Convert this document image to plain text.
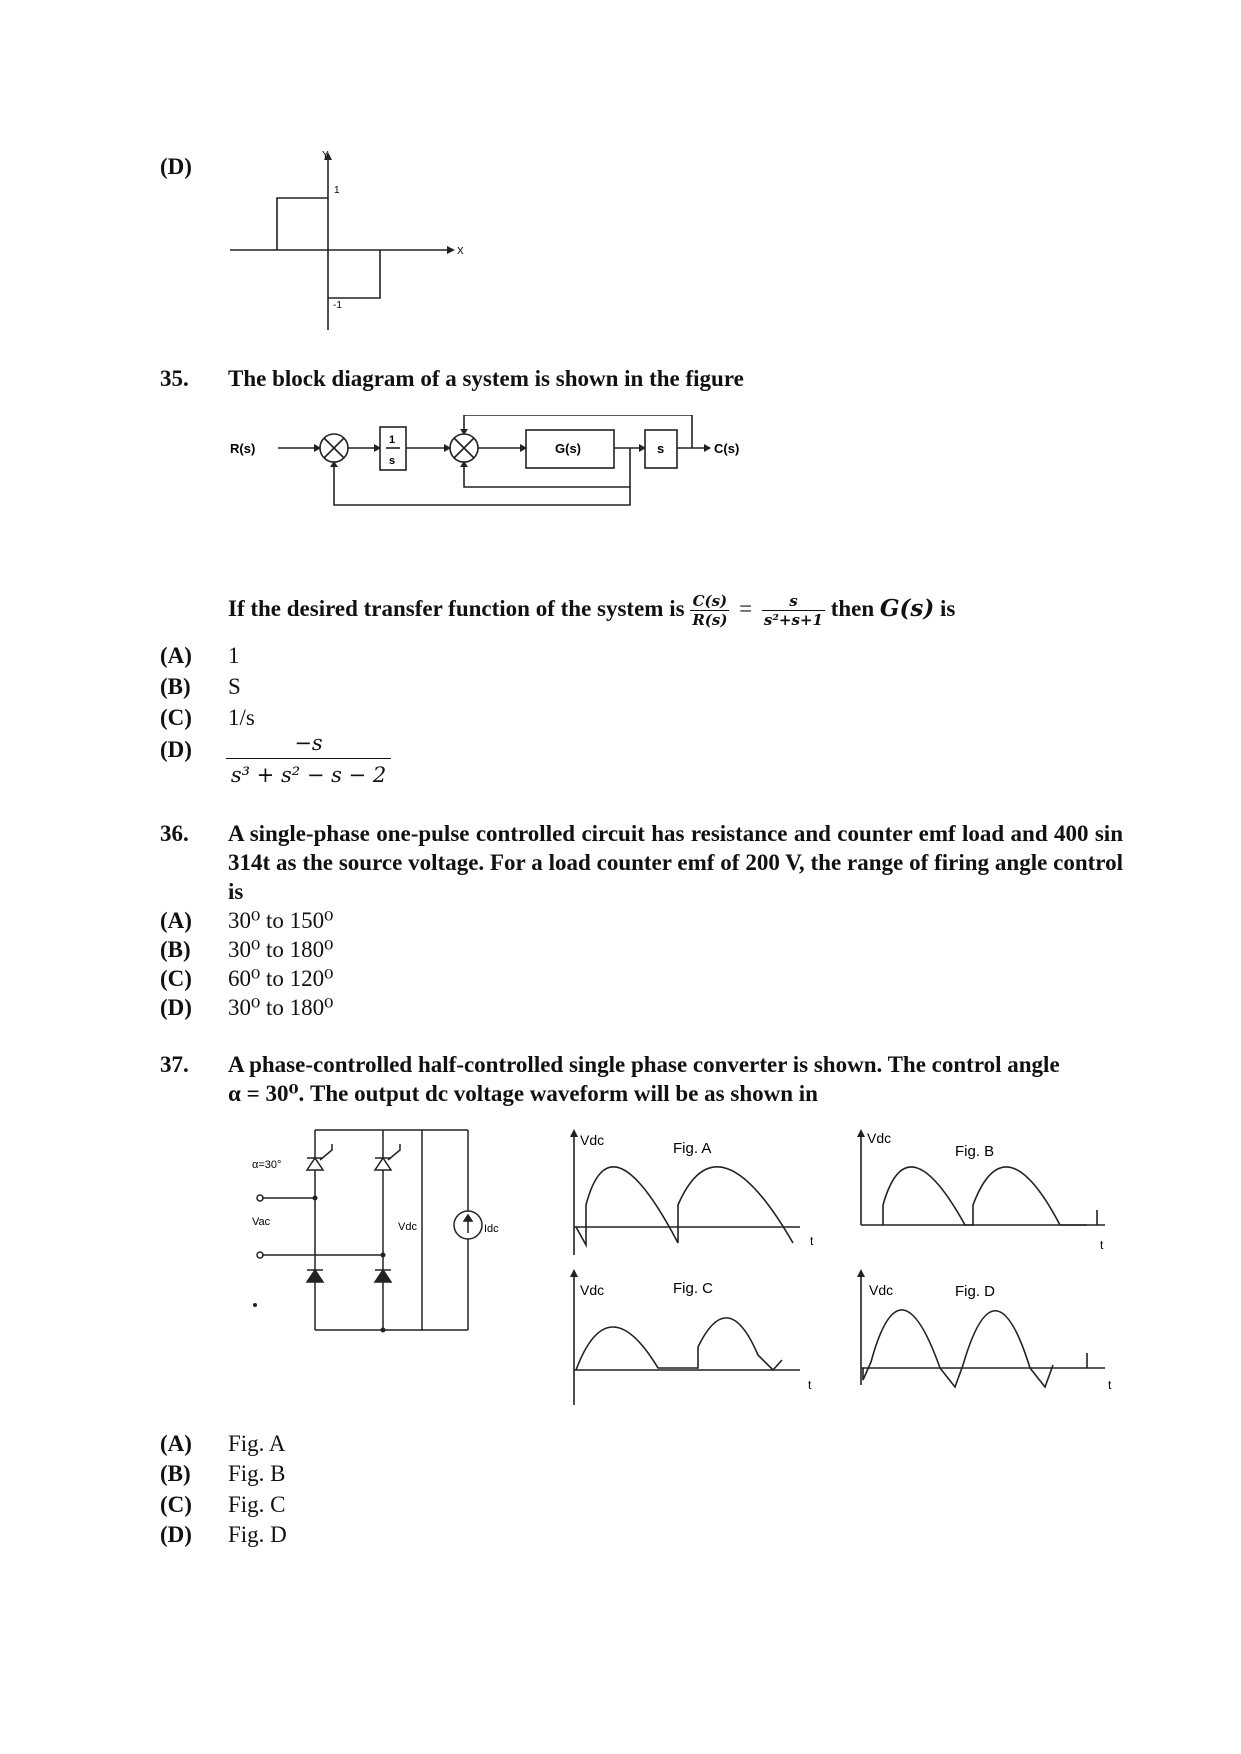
(D)	Y
X
1
-1
35. The block diagram of a system is shown in the figure
R(s)
1
s
G(s)	s	C(s)
If the desired transfer function of the system is $\frac{C(s)}{R(s)} = \frac{s}{\text{s²+s+1}}$ then G(s) is
(A) 1
(B) S
(C) 1/s
$(D) \frac{-s}{\text{s³ + s² − s − 2}}$
36. A single-phase one-pulse controlled circuit has resistance and counter emf load and 400 sin 314t as the source voltage. For a load counter emf of 200 V, the range of firing angle control is
(A) 30⁰ to 150⁰
(B) 30⁰ to 180⁰
(C) 60⁰ to 120⁰
(D) 30⁰ to 180⁰
37. A phase-controlled half-controlled single phase converter is shown. The control angle
α = 30⁰. The output dc voltage waveform will be as shown in
α=30°
Vac	Vdc	Idc
Vdc	Fig. A
t
Vdc
Fig. B
t
Vdc	Fig. C
t
Vdc	Fig. D
t
(A) Fig. A
(B) Fig. B
(C) Fig. C
(D) Fig. D
